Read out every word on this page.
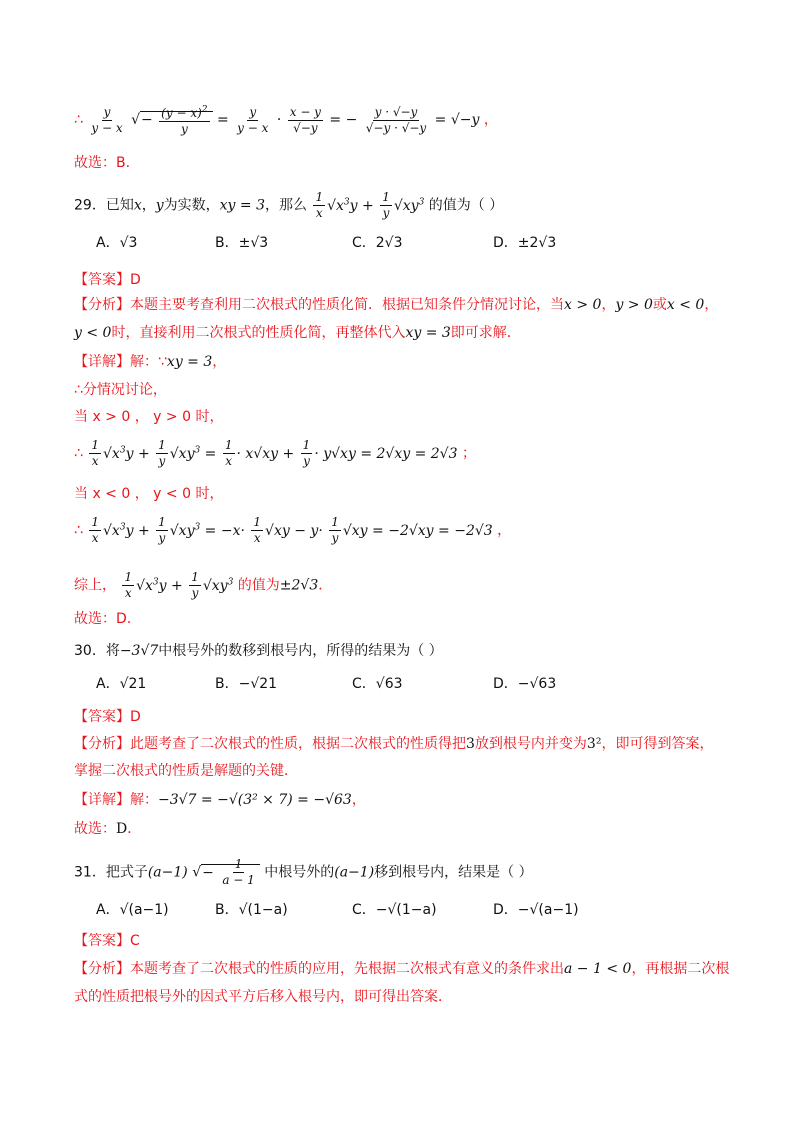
∴ $\frac{y}{y - x}$ √− $\frac{(y - x)^2}{y} = \frac{y}{y - x} \cdot \frac{x - y}{√-y}$ = − $\frac{y \cdot √-y}{√-y \cdot √-y} = √-y$ ，
故选：B.
29．已知x，y为实数，xy = 3，那么 $\frac{1}{x} √x^3y + \frac{1}{y} √xy^3$ 的值为（ ）
A．√3	B．±√3	C．2√3	D．±2√3
【答案】D
【分析】本题主要考查利用二次根式的性质化简．根据已知条件分情况讨论，当x > 0，y > 0或x < 0，
y < 0时，直接利用二次根式的性质化简，再整体代入xy = 3即可求解．
【详解】解：∵xy = 3，
∴分情况讨论，
当 x > 0 ， y > 0 时，
∴ $\frac{1}{x} √x^3y + \frac{1}{y} √xy^3 = \frac{1}{x} \cdot x√xy + \frac{1}{y} \cdot y√xy = 2√xy = 2√3$ ；
当 x < 0 ， y < 0 时，
∴ $\frac{1}{x} √x^3y + \frac{1}{y} √xy^3 = -x\cdot \frac{1}{x} √xy - y\cdot \frac{1}{y} √xy = -2√xy = -2√3$ ，
综上， $\frac{1}{x} √x^3y + \frac{1}{y} √xy^3$ 的值为±2√3．
故选：D.
30．将−3√7中根号外的数移到根号内，所得的结果为（ ）
A．√21	B．−√21	C．√63	D．−√63
【答案】D
【分析】此题考查了二次根式的性质，根据二次根式的性质得把3放到根号内并变为3²，即可得到答案，
掌握二次根式的性质是解题的关键．
【详解】解：−3√7 = −√(3² × 7) = −√63，
故选：D．
31．把式子(a−1) √− $\frac{1}{a - 1}$ 中根号外的(a−1)移到根号内，结果是（ ）
A．√(a−1)	B．√(1−a)	C．−√(1−a)	D．−√(a−1)
【答案】C
【分析】本题考查了二次根式的性质的应用，先根据二次根式有意义的条件求出a − 1 < 0，再根据二次根
式的性质把根号外的因式平方后移入根号内，即可得出答案．
